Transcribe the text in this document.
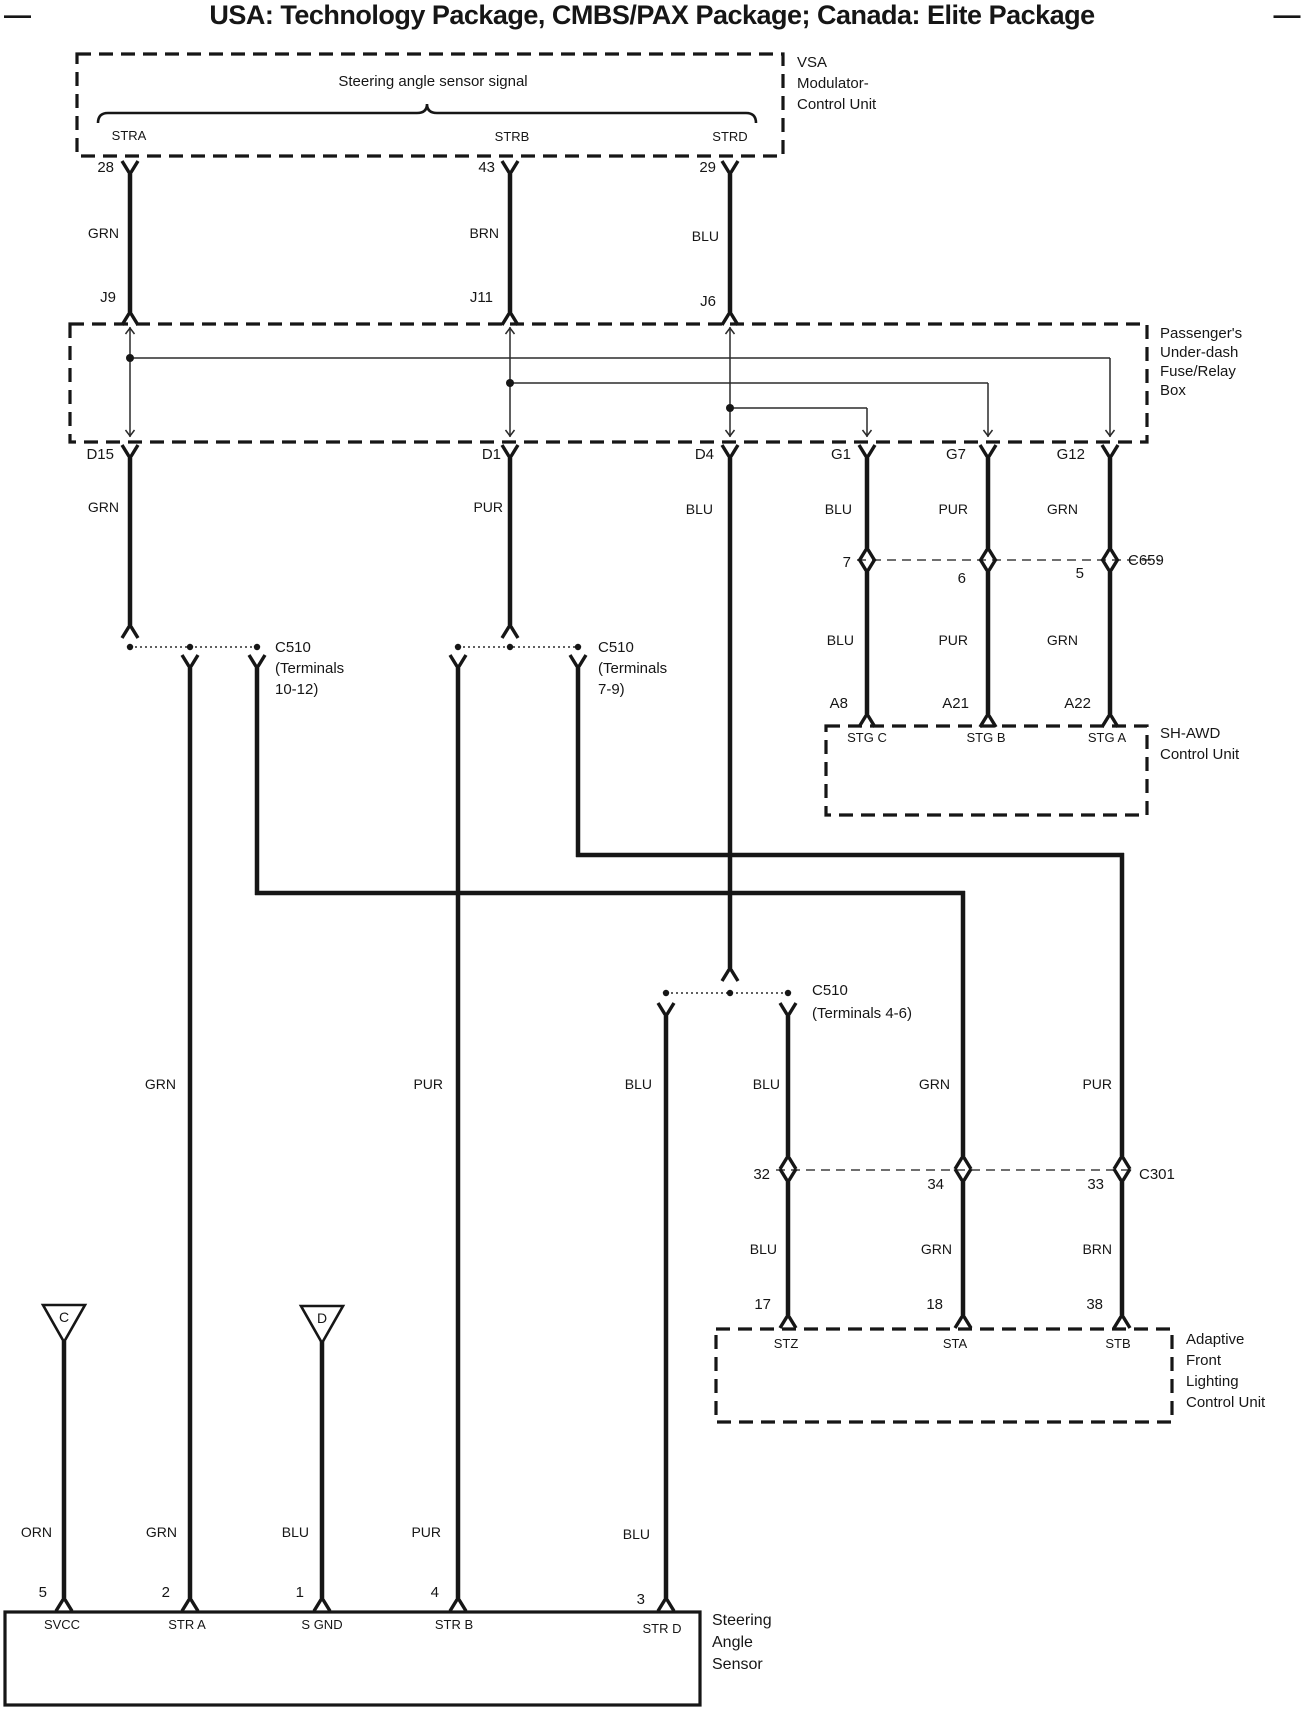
—	USA: Technology Package, CMBS/PAX Package; Canada: Elite Package	—
C	D
Steering angle sensor signal
STRA	STRB	STRD
28	43	29
GRN	BRN	BLU
J9	J11	J6
VSA
Modulator-
Control Unit
Passenger's
Under-dash
Fuse/Relay
Box
D15	D1	D4	G1	G7	G12
GRN	PUR	BLU	BLU	PUR	GRN
7
6	5
C659
BLU	PUR	GRN
A8	A21	A22
STG C	STG B	STG A SH-AWD
Control Unit
C510
(Terminals
10-12)
C510
(Terminals
7-9)
C510
(Terminals 4-6)
GRN	PUR	BLU	BLU	GRN	PUR
32
34	33
C301
BLU	GRN	BRN
17	18	38
STZ	STA	STB	Adaptive
Front
Lighting
Control Unit
ORN	GRN	BLU	PUR	BLU
5	2	1	4	3
SVCC	STR A	S GND	STR B	STR D Steering
Angle
Sensor
